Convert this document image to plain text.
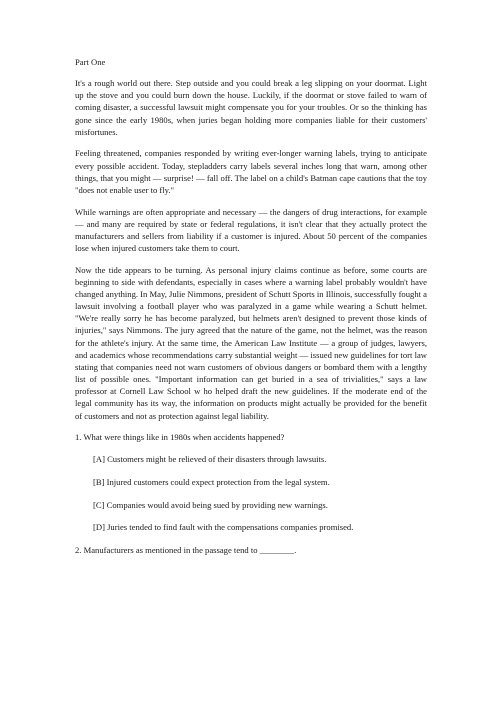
Part One

It's a rough world out there. Step outside and you could break a leg slipping on your doormat. Light up the stove and you could burn down the house. Luckily, if the doormat or stove failed to warn of coming disaster, a successful lawsuit might compensate you for your troubles. Or so the thinking has gone since the early 1980s, when juries began holding more companies liable for their customers' misfortunes.

Feeling threatened, companies responded by writing ever-longer warning labels, trying to anticipate every possible accident. Today, stepladders carry labels several inches long that warn, among other things, that you might — surprise! — fall off. The label on a child's Batman cape cautions that the toy "does not enable user to fly."

While warnings are often appropriate and necessary — the dangers of drug interactions, for example — and many are required by state or federal regulations, it isn't clear that they actually protect the manufacturers and sellers from liability if a customer is injured. About 50 percent of the companies lose when injured customers take them to court.

Now the tide appears to be turning. As personal injury claims continue as before, some courts are beginning to side with defendants, especially in cases where a warning label probably wouldn't have changed anything. In May, Julie Nimmons, president of Schutt Sports in Illinois, successfully fought a lawsuit involving a football player who was paralyzed in a game while wearing a Schutt helmet. "We're really sorry he has become paralyzed, but helmets aren't designed to prevent those kinds of injuries," says Nimmons. The jury agreed that the nature of the game, not the helmet, was the reason for the athlete's injury. At the same time, the American Law Institute — a group of judges, lawyers, and academics whose recommendations carry substantial weight — issued new guidelines for tort law stating that companies need not warn customers of obvious dangers or bombard them with a lengthy list of possible ones. "Important information can get buried in a sea of trivialities," says a law professor at Cornell Law School w ho helped draft the new guidelines. If the moderate end of the legal community has its way, the information on products might actually be provided for the benefit of customers and not as protection against legal liability.

1. What were things like in 1980s when accidents happened?
[A] Customers might be relieved of their disasters through lawsuits.
[B] Injured customers could expect protection from the legal system.
[C] Companies would avoid being sued by providing new warnings.
[D] Juries tended to find fault with the compensations companies promised.
2. Manufacturers as mentioned in the passage tend to ________.
